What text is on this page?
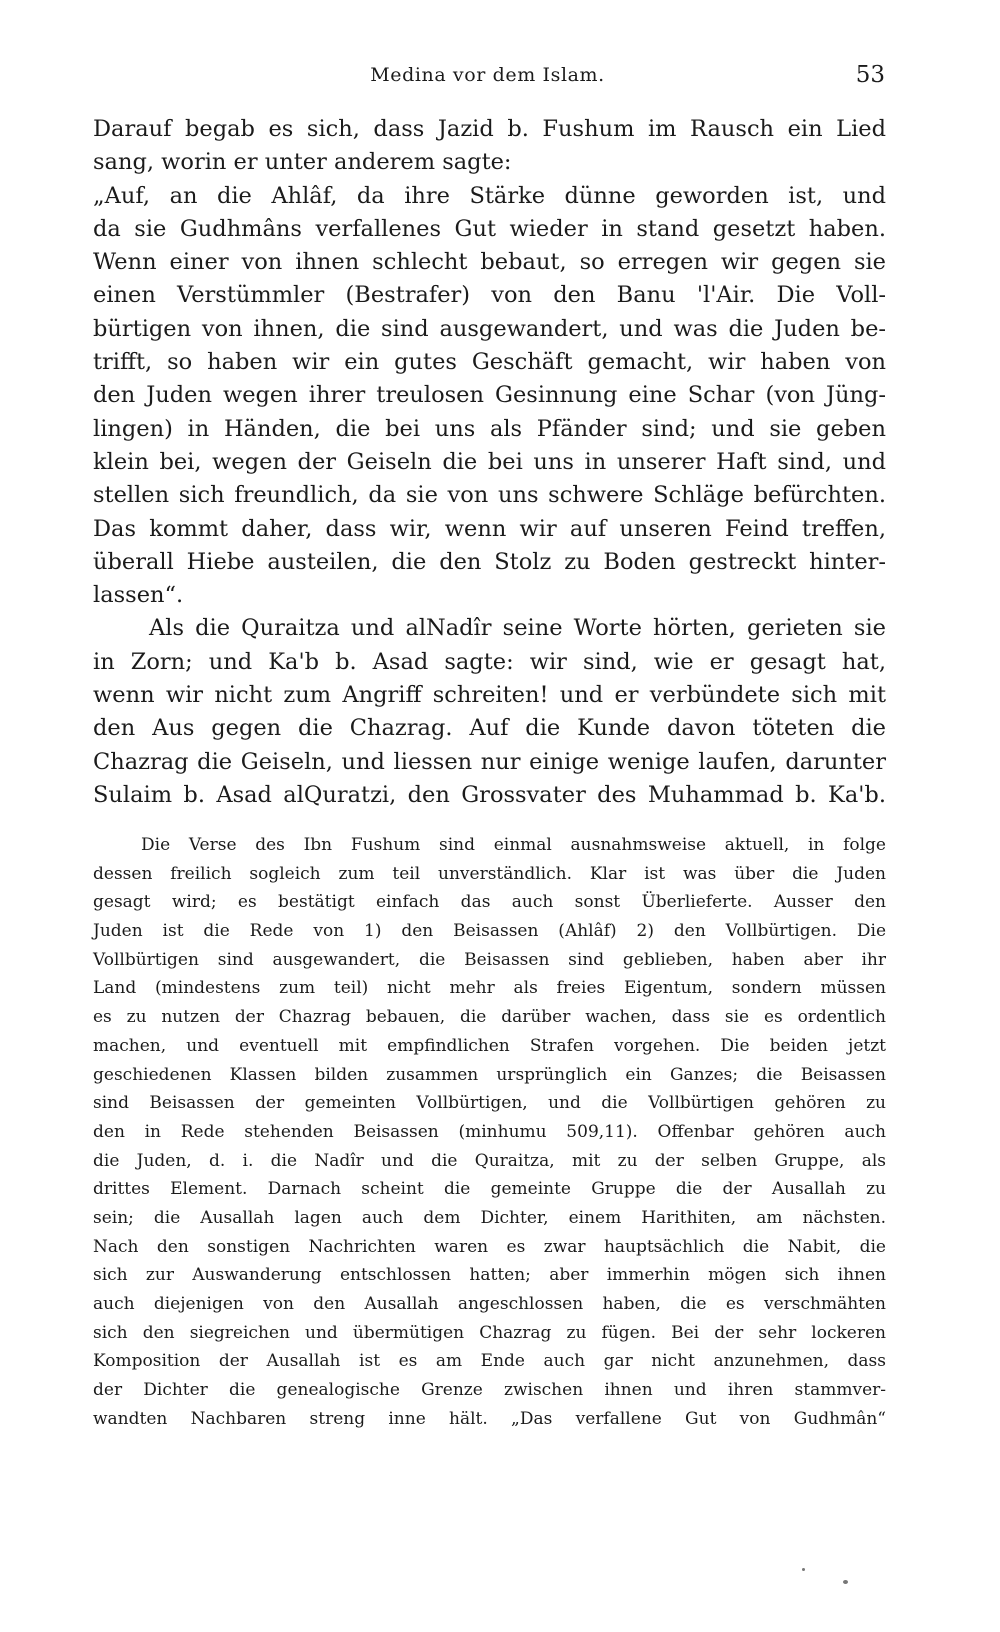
Medina vor dem Islam.	53
Darauf begab es sich, dass Jazid b. Fushum im Rausch ein Lied
sang, worin er unter anderem sagte:
„Auf, an die Ahlâf, da ihre Stärke dünne geworden ist, und
da sie Gudhmâns verfallenes Gut wieder in stand gesetzt haben.
Wenn einer von ihnen schlecht bebaut, so erregen wir gegen sie
einen Verstümmler (Bestrafer) von den Banu 'l'Air. Die Voll-
bürtigen von ihnen, die sind ausgewandert, und was die Juden be-
trifft, so haben wir ein gutes Geschäft gemacht, wir haben von
den Juden wegen ihrer treulosen Gesinnung eine Schar (von Jüng-
lingen) in Händen, die bei uns als Pfänder sind; und sie geben
klein bei, wegen der Geiseln die bei uns in unserer Haft sind, und
stellen sich freundlich, da sie von uns schwere Schläge befürchten.
Das kommt daher, dass wir, wenn wir auf unseren Feind treffen,
überall Hiebe austeilen, die den Stolz zu Boden gestreckt hinter-
lassen“.
Als die Quraitza und alNadîr seine Worte hörten, gerieten sie
in Zorn; und Ka'b b. Asad sagte: wir sind, wie er gesagt hat,
wenn wir nicht zum Angriff schreiten! und er verbündete sich mit
den Aus gegen die Chazrag. Auf die Kunde davon töteten die
Chazrag die Geiseln, und liessen nur einige wenige laufen, darunter
Sulaim b. Asad alQuratzi, den Grossvater des Muhammad b. Ka'b.
Die Verse des Ibn Fushum sind einmal ausnahmsweise aktuell, in folge
dessen freilich sogleich zum teil unverständlich. Klar ist was über die Juden
gesagt wird; es bestätigt einfach das auch sonst Überlieferte. Ausser den
Juden ist die Rede von 1) den Beisassen (Ahlâf) 2) den Vollbürtigen. Die
Vollbürtigen sind ausgewandert, die Beisassen sind geblieben, haben aber ihr
Land (mindestens zum teil) nicht mehr als freies Eigentum, sondern müssen
es zu nutzen der Chazrag bebauen, die darüber wachen, dass sie es ordentlich
machen, und eventuell mit empfindlichen Strafen vorgehen. Die beiden jetzt
geschiedenen Klassen bilden zusammen ursprünglich ein Ganzes; die Beisassen
sind Beisassen der gemeinten Vollbürtigen, und die Vollbürtigen gehören zu
den in Rede stehenden Beisassen (minhumu 509,11). Offenbar gehören auch
die Juden, d. i. die Nadîr und die Quraitza, mit zu der selben Gruppe, als
drittes Element. Darnach scheint die gemeinte Gruppe die der Ausallah zu
sein; die Ausallah lagen auch dem Dichter, einem Harithiten, am nächsten.
Nach den sonstigen Nachrichten waren es zwar hauptsächlich die Nabit, die
sich zur Auswanderung entschlossen hatten; aber immerhin mögen sich ihnen
auch diejenigen von den Ausallah angeschlossen haben, die es verschmähten
sich den siegreichen und übermütigen Chazrag zu fügen. Bei der sehr lockeren
Komposition der Ausallah ist es am Ende auch gar nicht anzunehmen, dass
der Dichter die genealogische Grenze zwischen ihnen und ihren stammver-
wandten Nachbaren streng inne hält. „Das verfallene Gut von Gudhmân“
